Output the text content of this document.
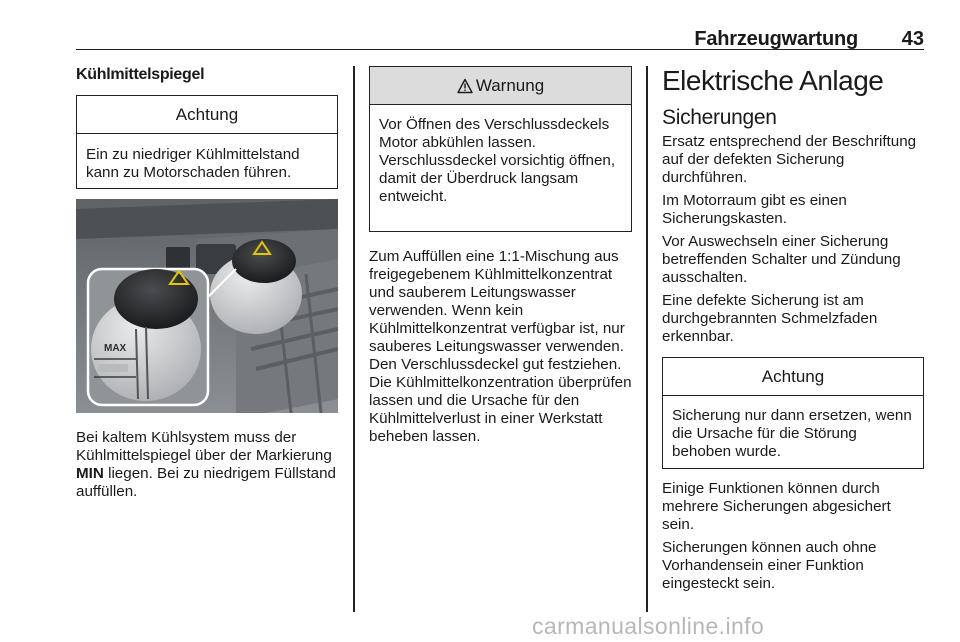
Fahrzeugwartung 43
Kühlmittelspiegel
Achtung
Ein zu niedriger Kühlmittelstand kann zu Motorschaden führen.
MAX

Bei kaltem Kühlsystem muss der Kühlmittelspiegel über der Markierung MIN liegen. Bei zu niedrigem Füllstand auffüllen.

Warnung
Vor Öffnen des Verschlussdeckels Motor abkühlen lassen. Verschlussdeckel vorsichtig öffnen, damit der Überdruck langsam entweicht.

Zum Auffüllen eine 1:1-Mischung aus freigegebenem Kühlmittelkonzentrat und sauberem Leitungswasser verwenden. Wenn kein Kühlmittelkonzentrat verfügbar ist, nur sauberes Leitungswasser verwenden. Den Verschlussdeckel gut festziehen. Die Kühlmittelkonzentration überprüfen lassen und die Ursache für den Kühlmittelverlust in einer Werkstatt beheben lassen.

Elektrische Anlage
Sicherungen

Ersatz entsprechend der Beschriftung auf der defekten Sicherung durchführen.

Im Motorraum gibt es einen Sicherungskasten.

Vor Auswechseln einer Sicherung betreffenden Schalter und Zündung ausschalten.

Eine defekte Sicherung ist am durchgebrannten Schmelzfaden erkennbar.

Achtung
Sicherung nur dann ersetzen, wenn die Ursache für die Störung behoben wurde.

Einige Funktionen können durch mehrere Sicherungen abgesichert sein.

Sicherungen können auch ohne Vorhandensein einer Funktion eingesteckt sein.

carmanualsonline.info
